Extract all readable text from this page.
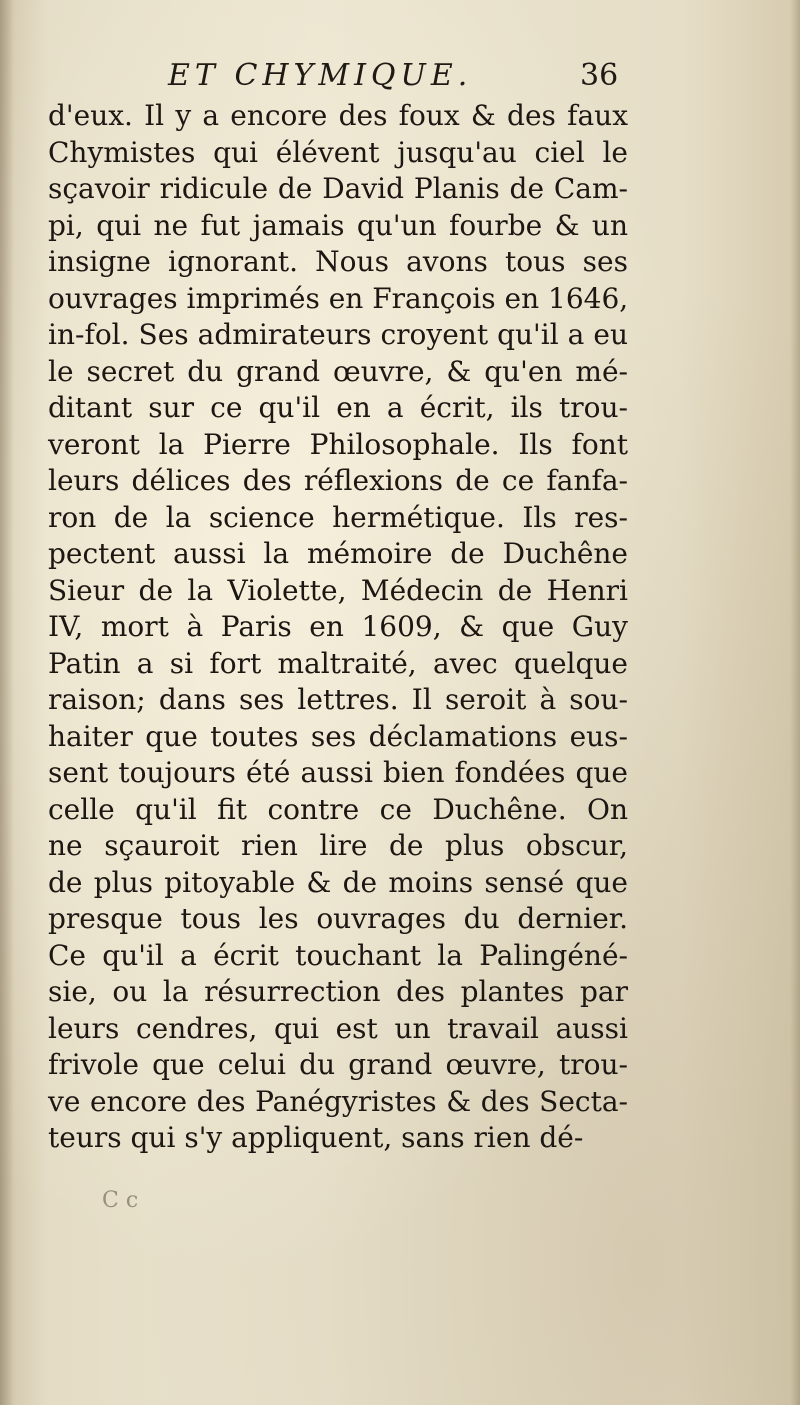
ET CHYMIQUE.	36
d'eux. Il y a encore des foux & des faux
Chymistes qui élévent jusqu'au ciel le
sçavoir ridicule de David Planis de Cam-
pi, qui ne fut jamais qu'un fourbe & un
insigne ignorant. Nous avons tous ses
ouvrages imprimés en François en 1646,
in-fol. Ses admirateurs croyent qu'il a eu
le secret du grand œuvre, & qu'en mé-
ditant sur ce qu'il en a écrit, ils trou-
veront la Pierre Philosophale. Ils font
leurs délices des réflexions de ce fanfa-
ron de la science hermétique. Ils res-
pectent aussi la mémoire de Duchêne
Sieur de la Violette, Médecin de Henri
IV, mort à Paris en 1609, & que Guy
Patin a si fort maltraité, avec quelque
raison; dans ses lettres. Il seroit à sou-
haiter que toutes ses déclamations eus-
sent toujours été aussi bien fondées que
celle qu'il fit contre ce Duchêne. On
ne sçauroit rien lire de plus obscur,
de plus pitoyable & de moins sensé que
presque tous les ouvrages du dernier.
Ce qu'il a écrit touchant la Palingéné-
sie, ou la résurrection des plantes par
leurs cendres, qui est un travail aussi
frivole que celui du grand œuvre, trou-
ve encore des Panégyristes & des Secta-
teurs qui s'y appliquent, sans rien dé-
C c
